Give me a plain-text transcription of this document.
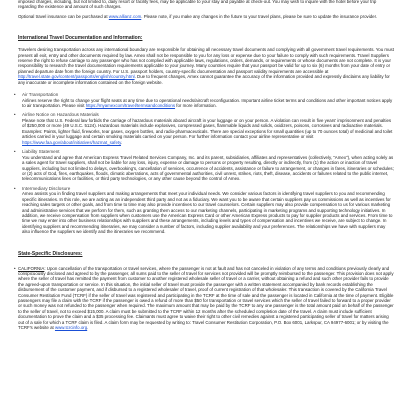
imposed charges, including, but not limited to, daily resort or facility fees, may be applicable to your stay and payable at check-out. You may wish to inquire with the hotel before your trip regarding the existence and amount of such charges.

Optional travel insurance can be purchased at www.allianz.com. Please note, if you make any changes in the future to your travel plans, please be sure to update the insurance provider.

International Travel Documentation and Information:

Travelers desiring transportation across any international boundary are responsible for obtaining all necessary travel documents and complying with all government travel requirements. You must present all exit, entry and other documents required by law. Amex shall not be responsible to you for any loss or expense due to your failure to comply with such requirements. Travel Suppliers reserve the right to refuse carriage to any passenger who has not complied with applicable laws, regulations, orders, demands, or requirements or whose documents are not complete. It is your responsibility to research the travel documentation requirements applicable to your journey. Many countries require that your passport be valid for up to six (6) months from your date of entry or planned departure date from the foreign country. For U.S. passport holders, country-specific documentation and passport validity requirements are accessible at http://travel.state.gov/content/passports/english/country.html. Due to frequent changes, Amex cannot guarantee the accuracy of the information provided and expressly disclaims any liability for any inaccurate or incomplete information contained on the foreign website.

• Air Transportation

Airlines reserve the right to change your flight seats at any time due to operational needs/aircraft reconfiguration. Important airline ticket terms and conditions and other important notices apply to air transportation. Please visit https://myamexcom/travel/termsandconditions for more information.

• Airline Notice on Hazardous Materials

Please note that U.S. Federal law forbids the carriage of hazardous materials aboard aircraft in your luggage or on your person. A violation can result in five years' imprisonment and penalties of $250,000 or more (49 U.S.C. 5124). Hazardous materials include explosives, compressed gases, flammable liquids and solids, oxidizers, poisons, corrosives and radioactive materials. Examples: Paints, lighter fluid, fireworks, tear gases, oxygen bottles, and radio-pharmaceuticals. There are special exceptions for small quantities (up to 70 ounces total) of medicinal and toilet articles carried in your luggage and certain smoking materials carried on your person. For further information contact your airline representative or visit https://www.faa.gov/about/initiatives/hazmat_safety.

• Liability Statement

You understand and agree that American Express Travel Related Services Company, Inc. and its parent, subsidiaries, affiliates and representatives (collectively, "Amex"), when acting solely as a sales agent for travel suppliers, shall not be liable for any loss, injury, expense or damage to persons or property resulting, directly or indirectly, from (1) the action or inaction of travel suppliers, including but not limited to delays, overbooking's, cancellation of services, occurrence of accidents, assistance or failure to arrangement, or changes in fares, itineraries or schedules; or (2) acts of God, fires, earthquakes, floods, climatic aberrations, acts of governmental authorities, civil unrest, strikes, riots, theft, disease, accidents or failures related to the public internet, telecommunications lines or facilities, or third party technologies, or any other cause beyond the control of Amex.

• Intermediary Disclosure

Amex assists you in finding travel suppliers and making arrangements that meet your individual needs. We consider various factors in identifying travel suppliers to you and recommending specific itineraries. In this role, we are acting as an independent third party and not as a fiduciary. We want you to be aware that certain suppliers pay us commissions as well as incentives for reaching sales targets or other goals, and from time to time may also provide incentives to our travel counselors. Certain suppliers may also provide compensation to us for various marketing and administrative services that we perform for them, such as granting them access to our marketing channels, participating in marketing programs and supporting technology initiatives. In addition, we receive compensation from suppliers when customers use the American Express Card or other American Express products to pay for supplier products and services. From time to time we may enter into other business relationships with suppliers and these arrangements, including levels and types of compensation and incentives we receive, are subject to change. In identifying suppliers and recommending itineraries, we may consider a number of factors, including supplier availability and your preferences. The relationships we have with suppliers may also influence the suppliers we identify and the itineraries we recommend.

State-Specific Disclosures:

• CALIFORNIA: Upon cancellation of the transportation or travel services, where the passenger is not at fault and has not canceled in violation of any terms and conditions previously clearly and conspicuously disclosed and agreed to by the passenger, all sums paid to the seller of travel for services not provided will be promptly reimbursed to the passenger. This provision does not apply where the seller of travel has remitted the payment from customer to another registered wholesale seller of travel or a carrier, without obtaining a refund and such other provider fails to provide the agreed-upon transportation or service. In this situation, the initial seller of travel must provide the passenger with a written statement accompanied by bank records establishing the disbursement of the customer payment, and if disbursed to a registered wholesaler of travel, proof of current registration of that wholesaler. This transaction is covered by the California Travel Consumer Restitution Fund (TCRF) if the seller of travel was registered and participating in the TCRF at the time of sale and the passenger is located in California at the time of payment. Eligible passengers may file a claim with the TCRF if the passenger is owed a refund of more than $50 for transportation or travel services which the seller of travel failed to forward to a proper provider or such money was not refunded to the passenger when required. The maximum amount that may be paid by the TCRF to any one passenger is the total amount paid on behalf of the passenger to the seller of travel, not to exceed $15,000. A claim must be submitted to the TCRF within 12 months after the scheduled completion date of the travel. A claim must include sufficient documentation to prove the claim and a $35 processing fee. Claimants must agree to waive their right to other civil remedies against a registered participating seller of travel for matters arising out of a sale for which a TCRF claim is filed. A claim form may be requested by writing to: Travel Consumer Restitution Corporation, P.O. Box 6001, Larkspur, CA 94977-6001; or by visiting the TCRF's website at www.tcrcinfo.org.
